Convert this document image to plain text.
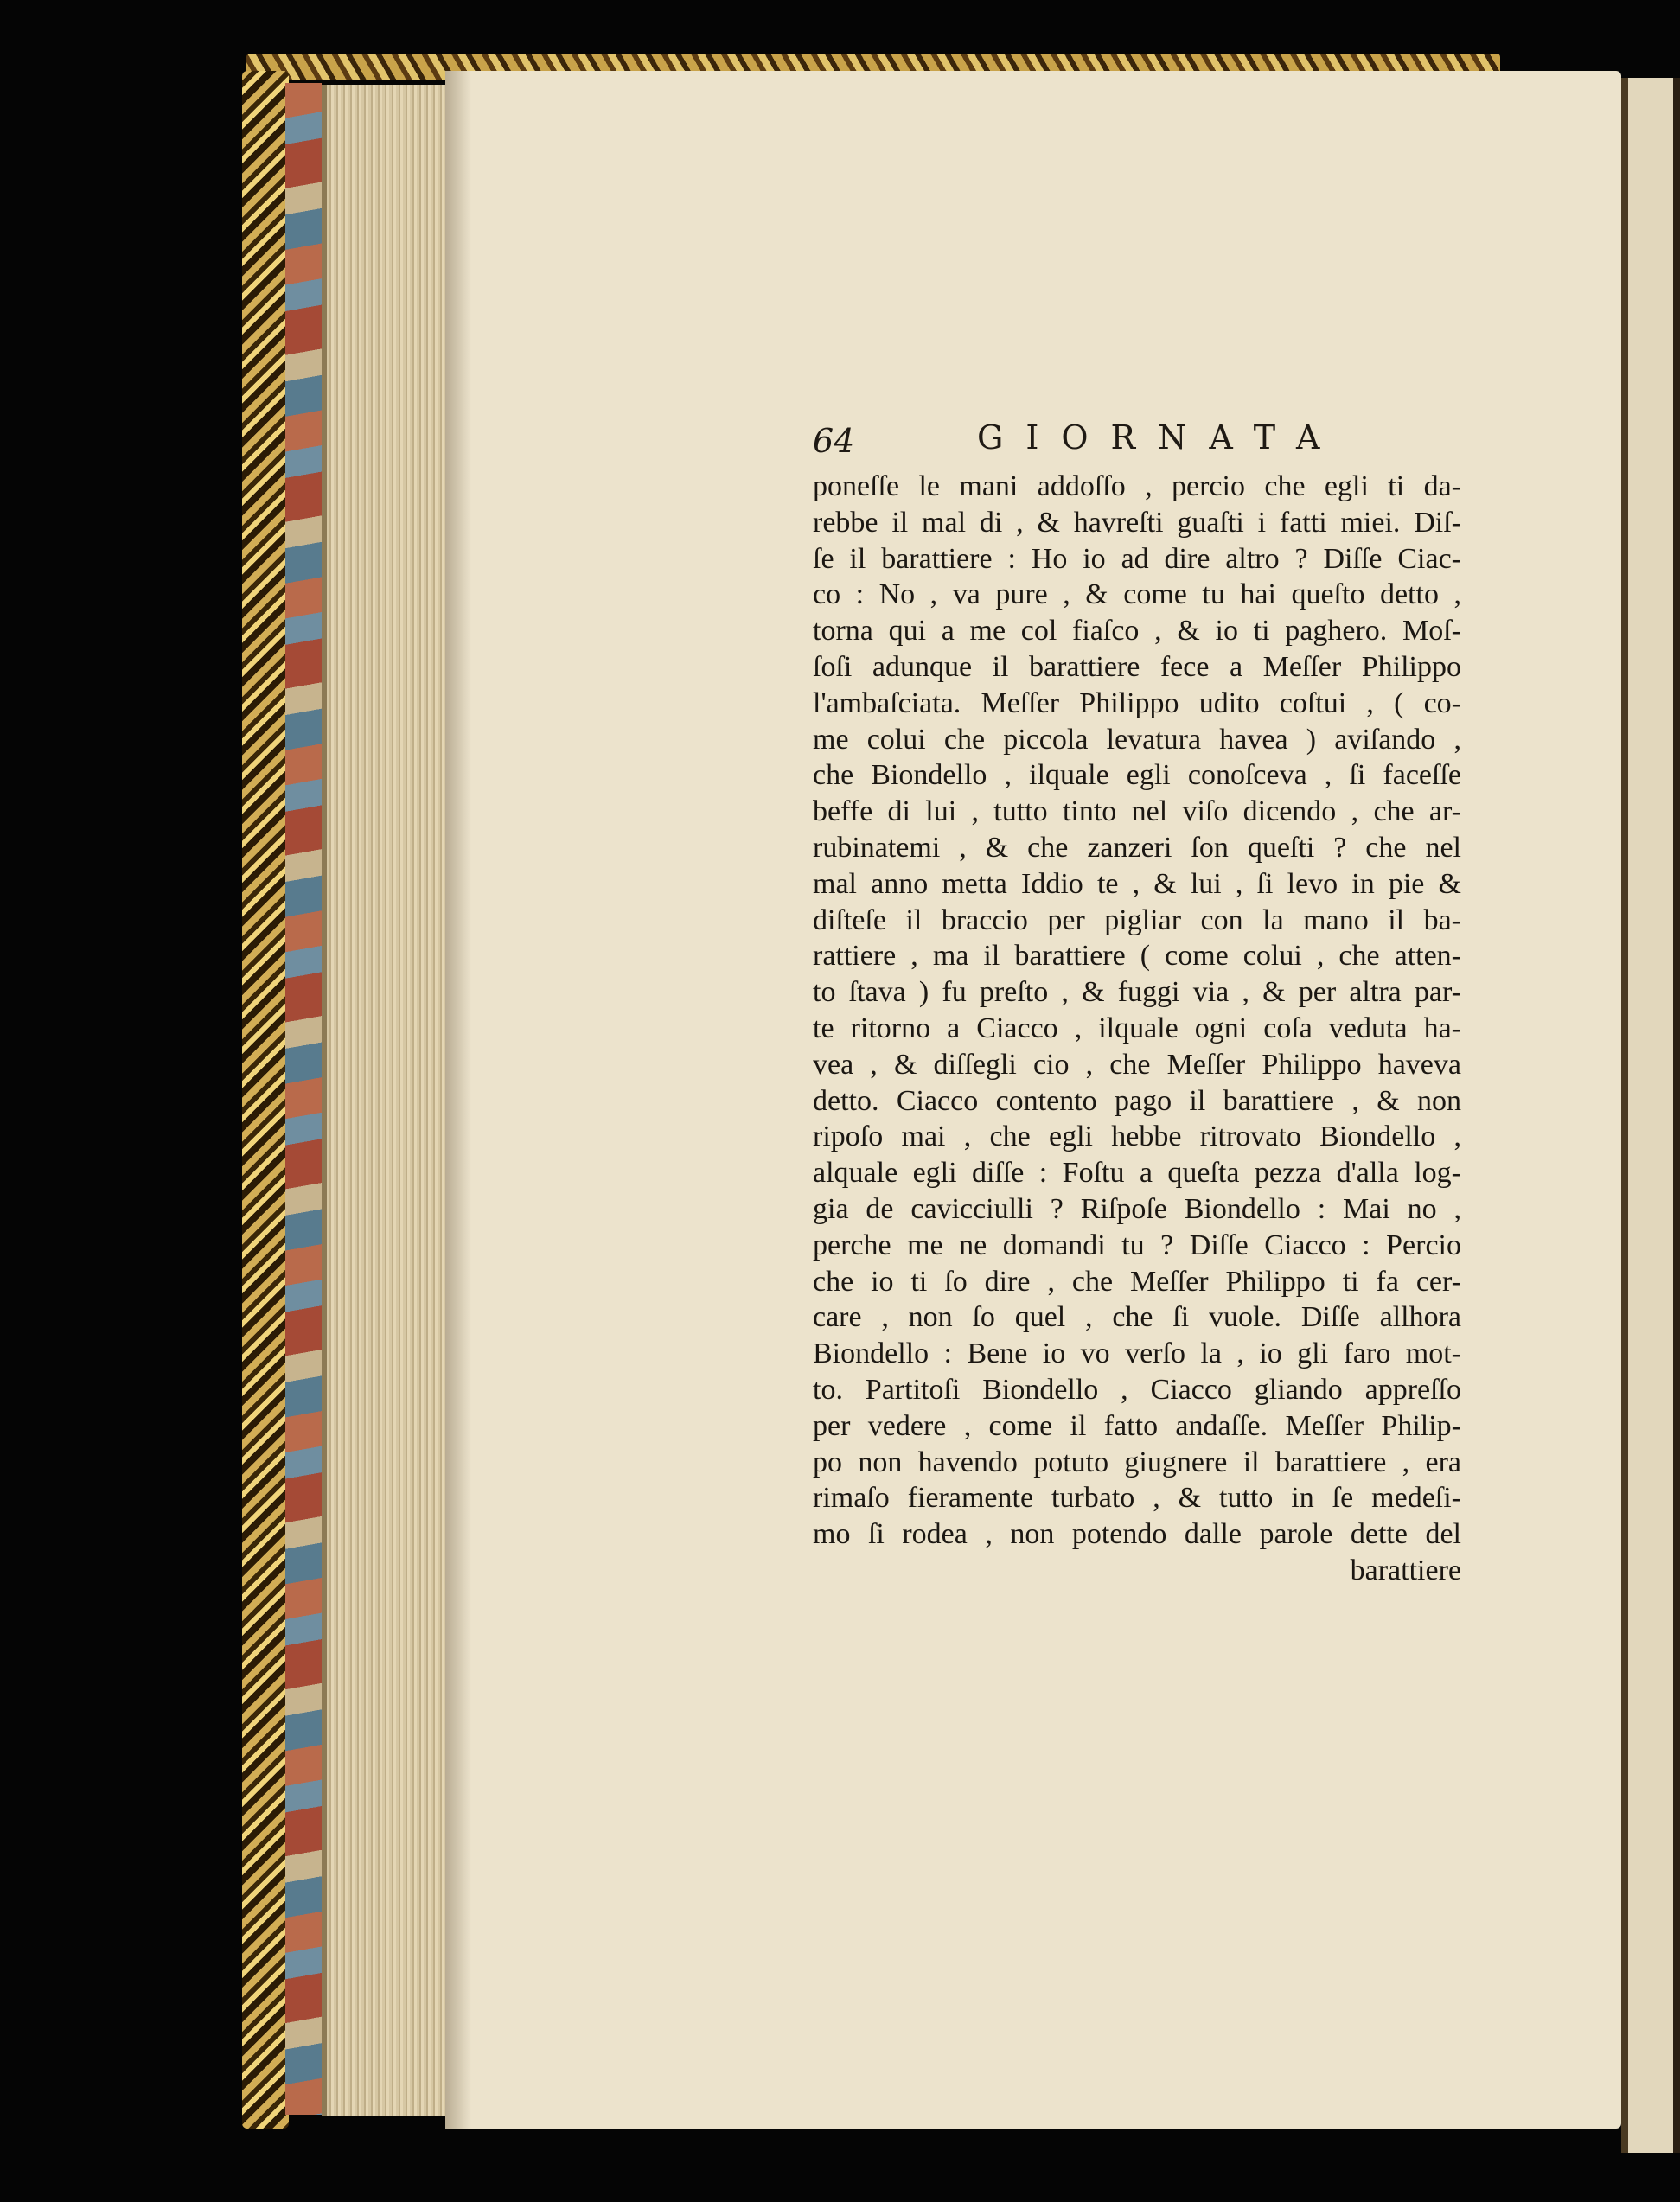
64	GIORNATA
poneſſe le mani addoſſo , percio che egli ti da-
rebbe il mal di , & havreſti guaſti i fatti miei. Diſ-
ſe il barattiere : Ho io ad dire altro ? Diſſe Ciac-
co : No , va pure , & come tu hai queſto detto ,
torna qui a me col fiaſco , & io ti paghero. Moſ-
ſoſi adunque il barattiere fece a Meſſer Philippo
l'ambaſciata. Meſſer Philippo udito coſtui , ( co-
me colui che piccola levatura havea ) aviſando ,
che Biondello , ilquale egli conoſceva , ſi faceſſe
beffe di lui , tutto tinto nel viſo dicendo , che ar-
rubinatemi , & che zanzeri ſon queſti ? che nel
mal anno metta Iddio te , & lui , ſi levo in pie &
diſteſe il braccio per pigliar con la mano il ba-
rattiere , ma il barattiere ( come colui , che atten-
to ſtava ) fu preſto , & fuggi via , & per altra par-
te ritorno a Ciacco , ilquale ogni coſa veduta ha-
vea , & diſſegli cio , che Meſſer Philippo haveva
detto. Ciacco contento pago il barattiere , & non
ripoſo mai , che egli hebbe ritrovato Biondello ,
alquale egli diſſe : Foſtu a queſta pezza d'alla log-
gia de cavicciulli ? Riſpoſe Biondello : Mai no ,
perche me ne domandi tu ? Diſſe Ciacco : Percio
che io ti ſo dire , che Meſſer Philippo ti fa cer-
care , non ſo quel , che ſi vuole. Diſſe allhora
Biondello : Bene io vo verſo la , io gli faro mot-
to. Partitoſi Biondello , Ciacco gliando appreſſo
per vedere , come il fatto andaſſe. Meſſer Philip-
po non havendo potuto giugnere il barattiere , era
rimaſo fieramente turbato , & tutto in ſe medeſi-
mo ſi rodea , non potendo dalle parole dette del
barattiere
